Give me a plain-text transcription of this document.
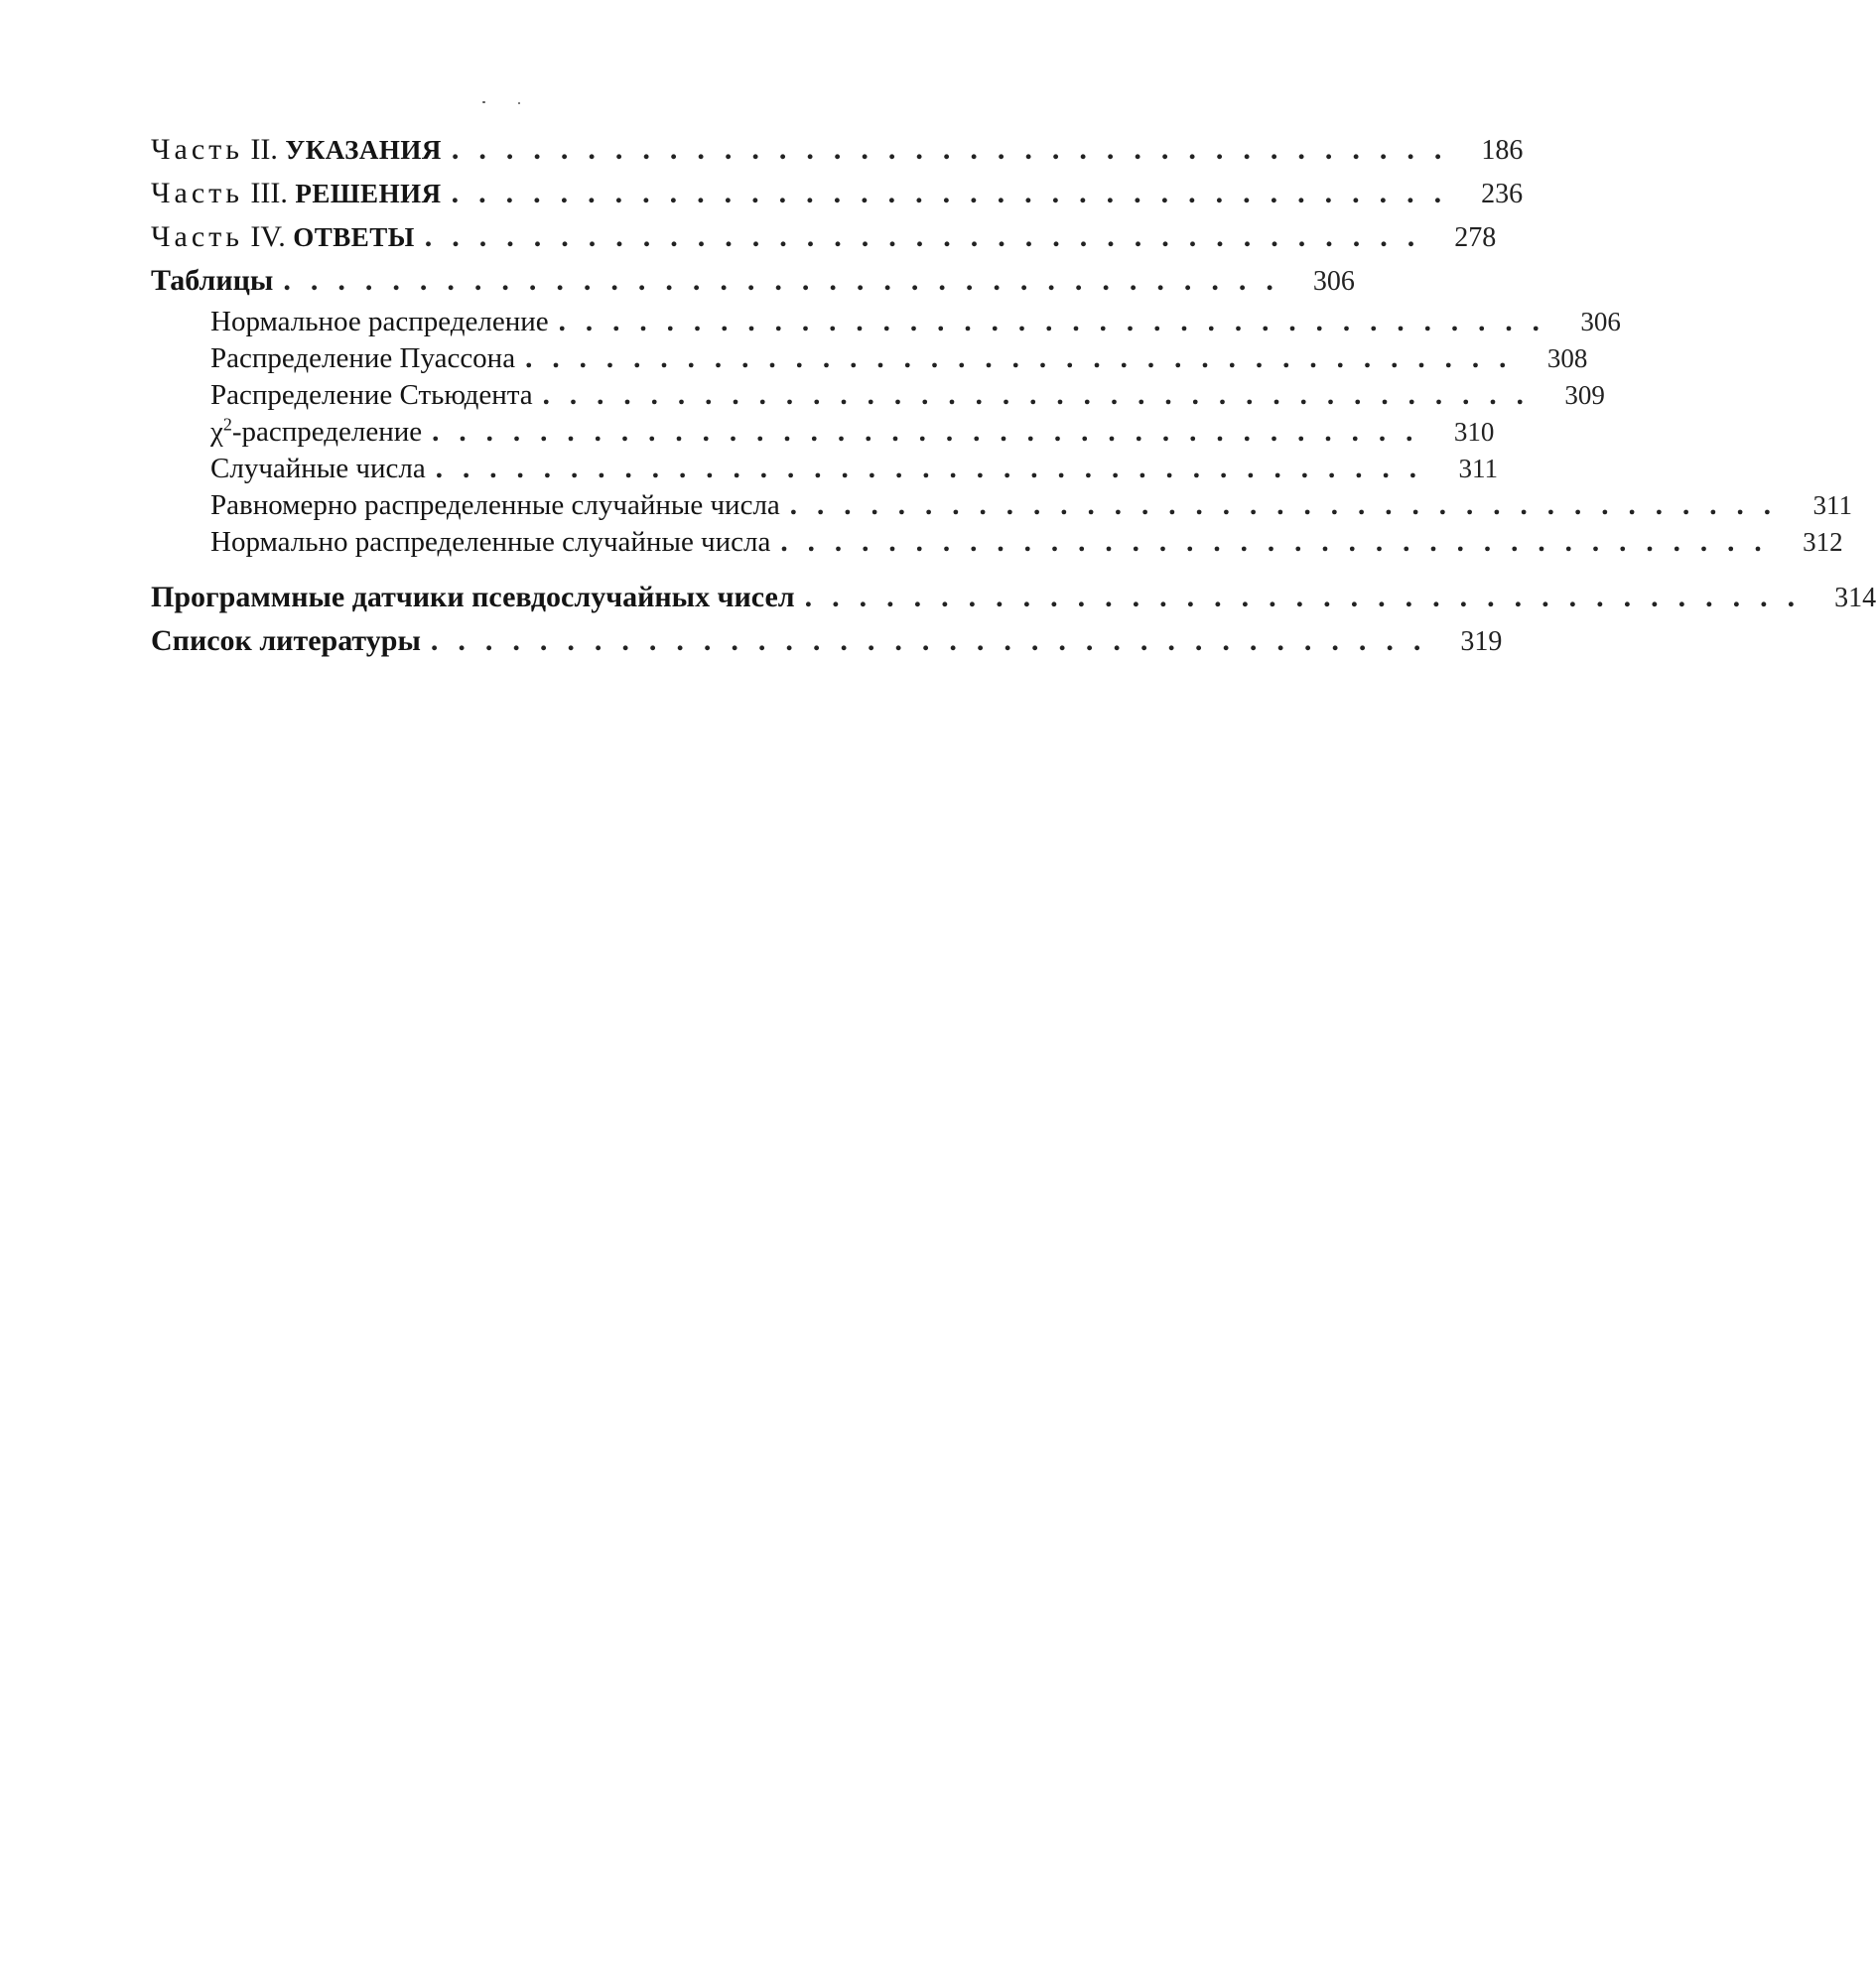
Часть II. УКАЗАНИЯ ..................................... 186
Часть III. РЕШЕНИЯ ..................................... 236
Часть IV. ОТВЕТЫ ..................................... 278
Таблицы ..................................... 306
Нормальное распределение ..................................... 306
Распределение Пуассона ..................................... 308
Распределение Стьюдента ..................................... 309
$\chi^2$-распределение ..................................... 310
Случайные числа ..................................... 311
Равномерно распределенные случайные числа ..................................... 311
Нормально распределенные случайные числа ..................................... 312
Программные датчики псевдослучайных чисел ..................................... 314
Список литературы ..................................... 319
